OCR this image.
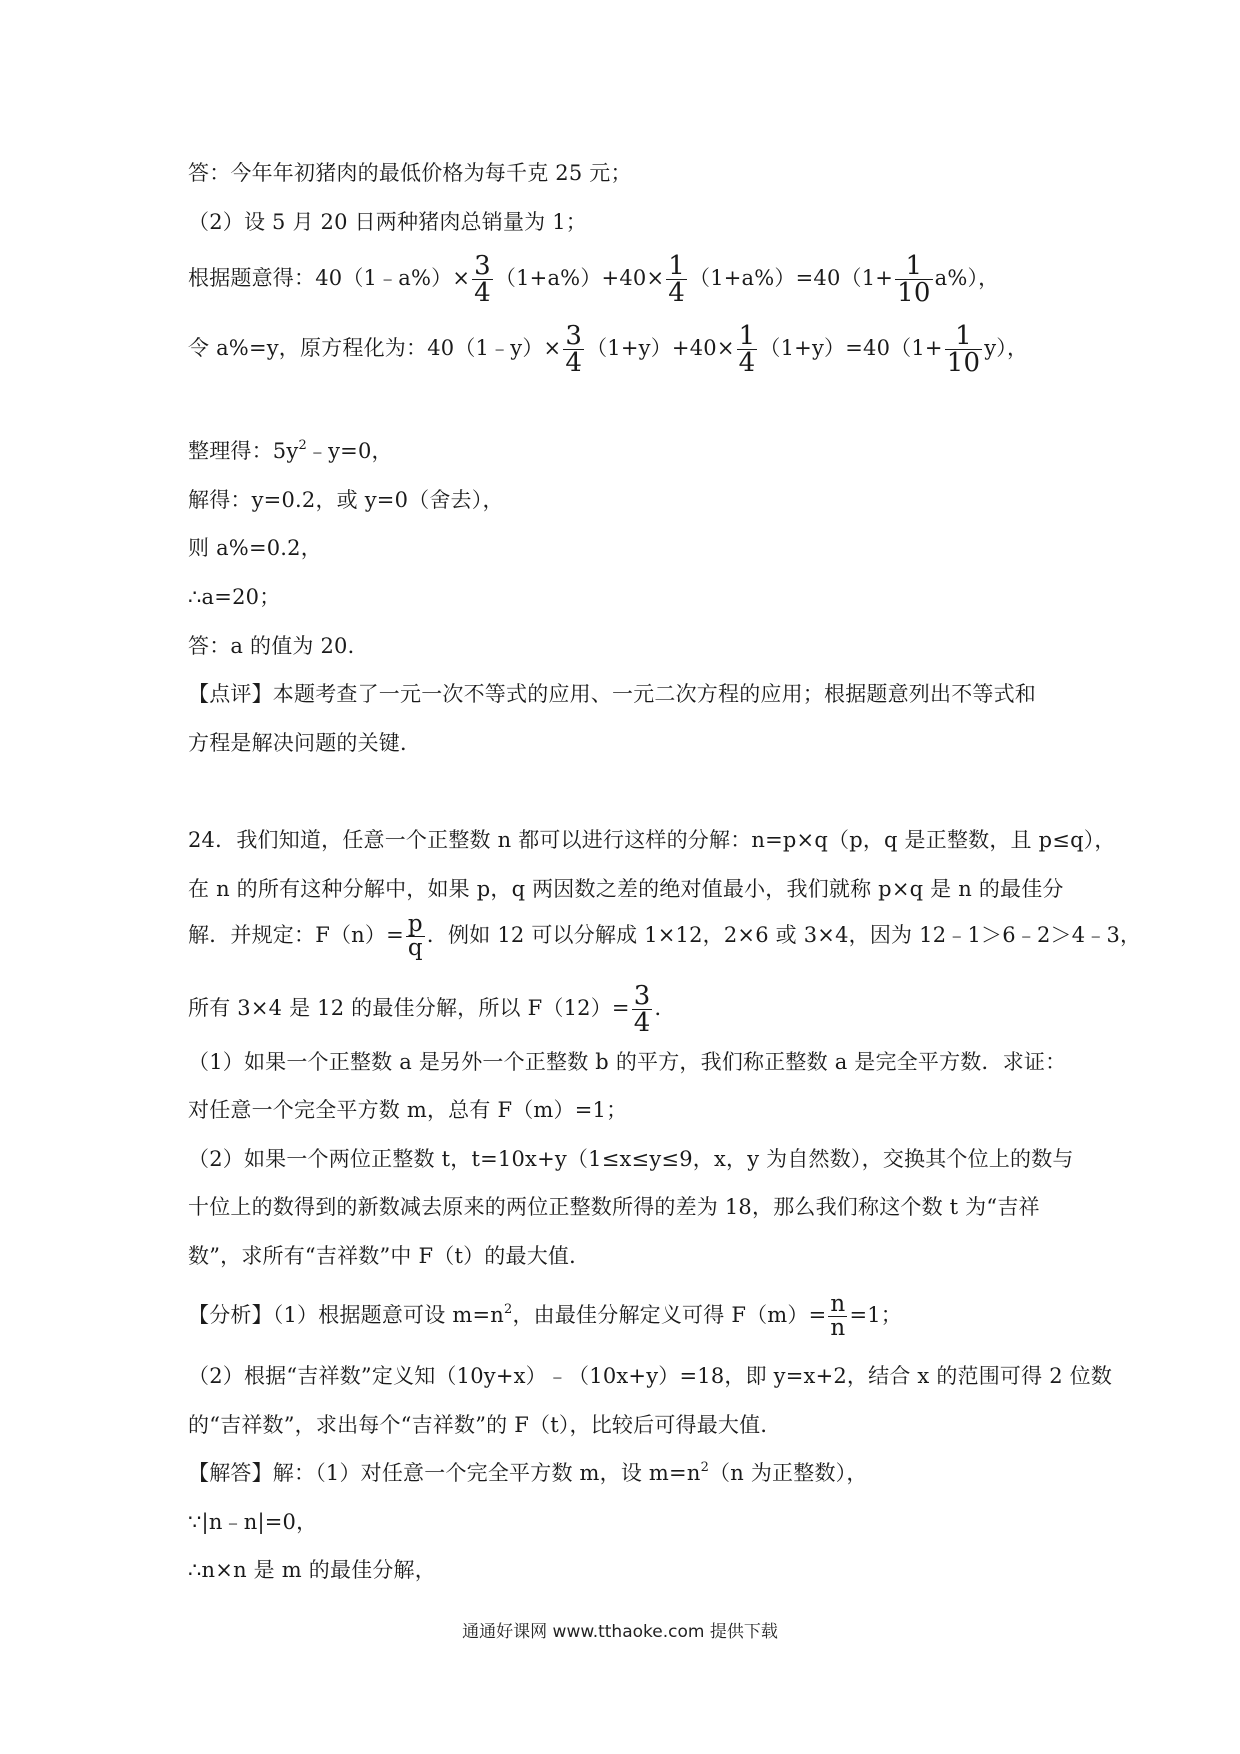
答：今年年初猪肉的最低价格为每千克 25 元；
（2）设 5 月 20 日两种猪肉总销量为 1；
根据题意得：40（1﹣a%）× $\frac{3}{4} (1+a\%)+40\times \frac{1}{4} (1+a\%)=40(1+ \frac{1}{10} a\%)$，
令 a%=y，原方程化为：40（1﹣y）× $\frac{3}{4} (1+y)+40\times \frac{1}{4} (1+y)=40(1+ \frac{1}{10} y)$，
整理得：$5y^2﹣y=0$，
解得：y=0.2，或 y=0（舍去），
则 a%=0.2，
∴a=20；
答：a 的值为 20．
【点评】本题考查了一元一次不等式的应用、一元二次方程的应用；根据题意列出不等式和
方程是解决问题的关键．
24．我们知道，任意一个正整数 n 都可以进行这样的分解：n=p×q（p，q 是正整数，且 p≤q），
在 n 的所有这种分解中，如果 p，q 两因数之差的绝对值最小，我们就称 p×q 是 n 的最佳分
解．并规定：$F(n)= \frac{p}{q}$ ．例如 12 可以分解成 1×12，2×6 或 3×4，因为 12﹣1＞6﹣2＞4﹣3，
所有 3×4 是 12 的最佳分解，所以 $F(12)= \frac{3}{4}$ ．
（1）如果一个正整数 a 是另外一个正整数 b 的平方，我们称正整数 a 是完全平方数．求证：
对任意一个完全平方数 m，总有 F（m）=1；
（2）如果一个两位正整数 t，t=10x+y（1≤x≤y≤9，x，y 为自然数），交换其个位上的数与
十位上的数得到的新数减去原来的两位正整数所得的差为 18，那么我们称这个数 t 为“吉祥
数”，求所有“吉祥数”中 F（t）的最大值．
【分析】（1）根据题意可设 $m=n^2$，由最佳分解定义可得 $F(m)= \frac{n}{n} =1$；
（2）根据“吉祥数”定义知（10y+x）﹣（10x+y）=18，即 y=x+2，结合 x 的范围可得 2 位数
的“吉祥数”，求出每个“吉祥数”的 F（t），比较后可得最大值．
【解答】解：（1）对任意一个完全平方数 m，设 $m=n^2(n$ 为正整数），
∵|n﹣n|=0，
∴n×n 是 m 的最佳分解，
通通好课网 www.tthaoke.com 提供下载
